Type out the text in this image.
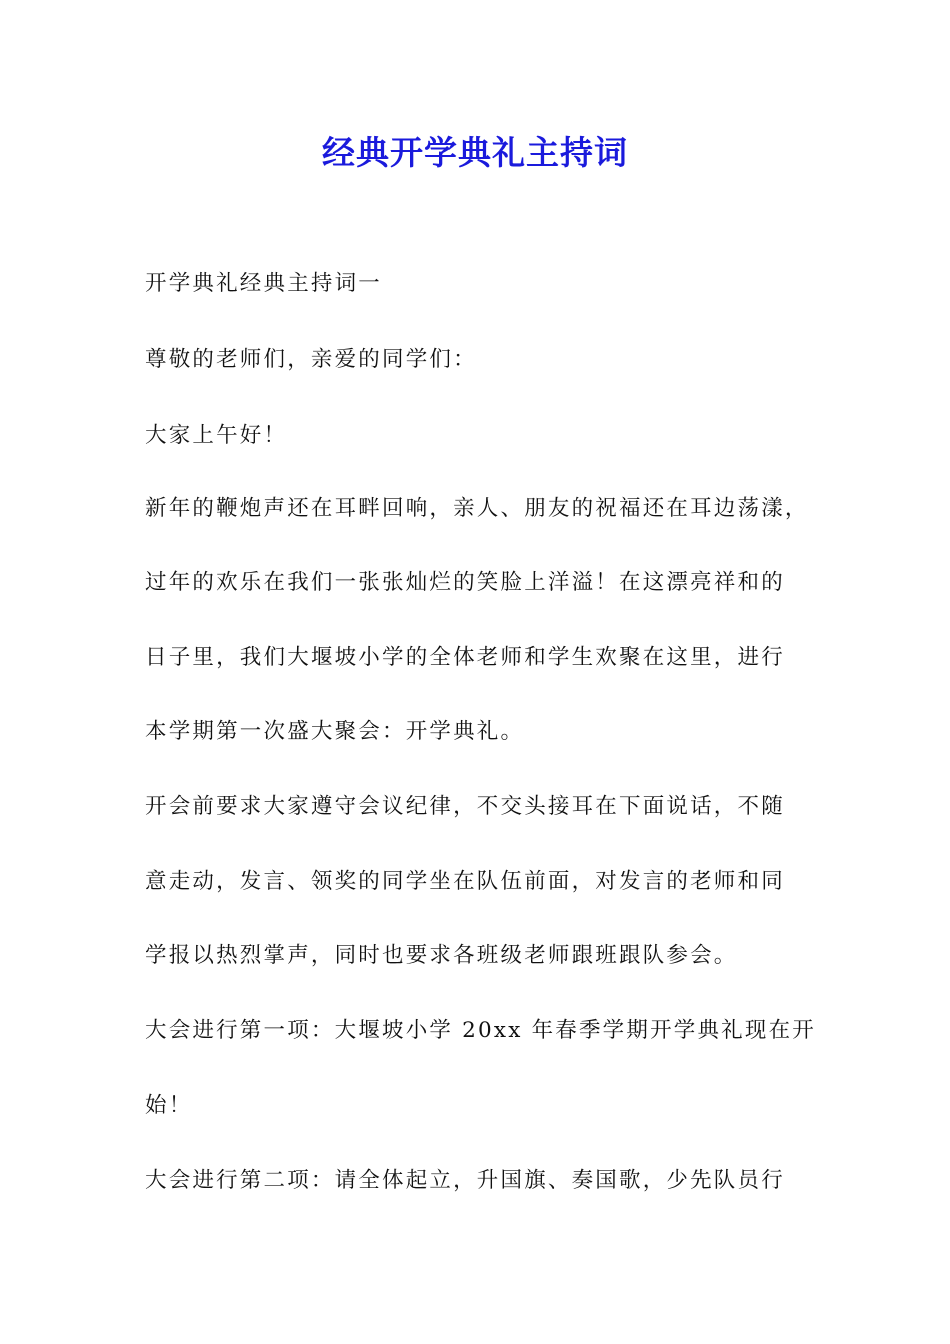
经典开学典礼主持词
开学典礼经典主持词一
尊敬的老师们，亲爱的同学们：
大家上午好！
新年的鞭炮声还在耳畔回响，亲人、朋友的祝福还在耳边荡漾，
过年的欢乐在我们一张张灿烂的笑脸上洋溢！在这漂亮祥和的
日子里，我们大堰坡小学的全体老师和学生欢聚在这里，进行
本学期第一次盛大聚会：开学典礼。
开会前要求大家遵守会议纪律，不交头接耳在下面说话，不随
意走动，发言、领奖的同学坐在队伍前面，对发言的老师和同
学报以热烈掌声，同时也要求各班级老师跟班跟队参会。
大会进行第一项：大堰坡小学 20xx 年春季学期开学典礼现在开
始！
大会进行第二项：请全体起立，升国旗、奏国歌，少先队员行
